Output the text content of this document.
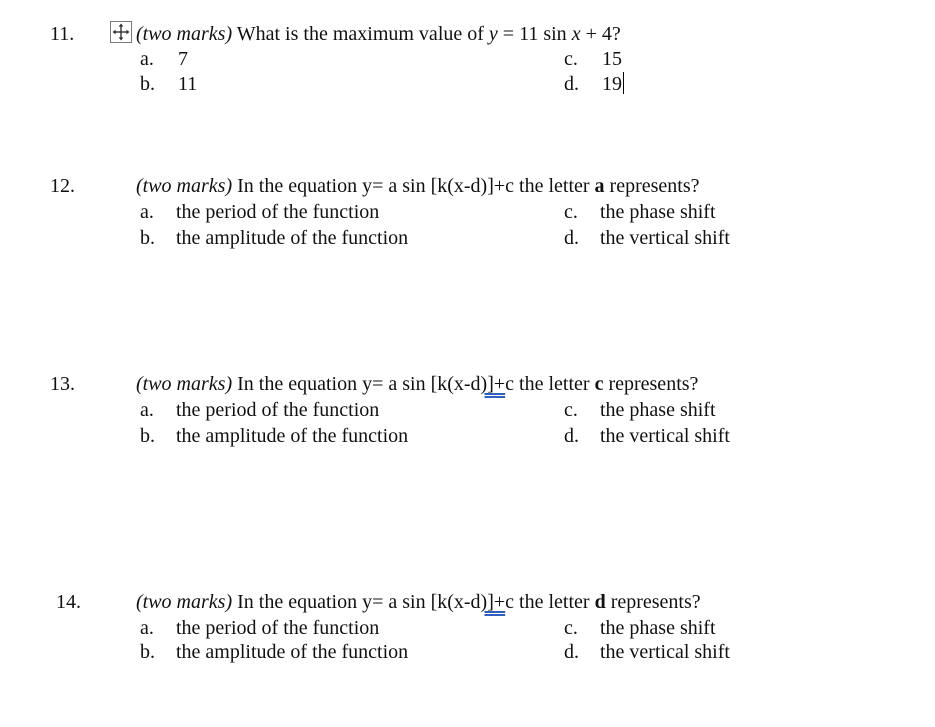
11.	(two marks) What is the maximum value of y = 11 sin x + 4?
a. 7
b. 11
c. 15
d. 19
12.	(two marks) In the equation y= a sin [k(x-d)]+c the letter a represents?
a. the period of the function
b. the amplitude of the function
c. the phase shift
d. the vertical shift
13.	(two marks) In the equation y= a sin [k(x-d)]+c the letter c represents?
a. the period of the function
b. the amplitude of the function
c. the phase shift
d. the vertical shift
14.	(two marks) In the equation y= a sin [k(x-d)]+c the letter d represents?
a. the period of the function
b. the amplitude of the function
c. the phase shift
d. the vertical shift
